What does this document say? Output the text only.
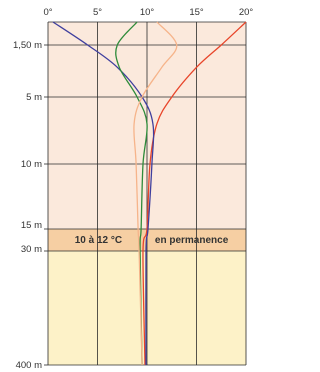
0°	5°	10°	15°	20°
1,50 m
5 m
10 m
15 m
30 m
400 m
10 à 12 °C	en permanence
